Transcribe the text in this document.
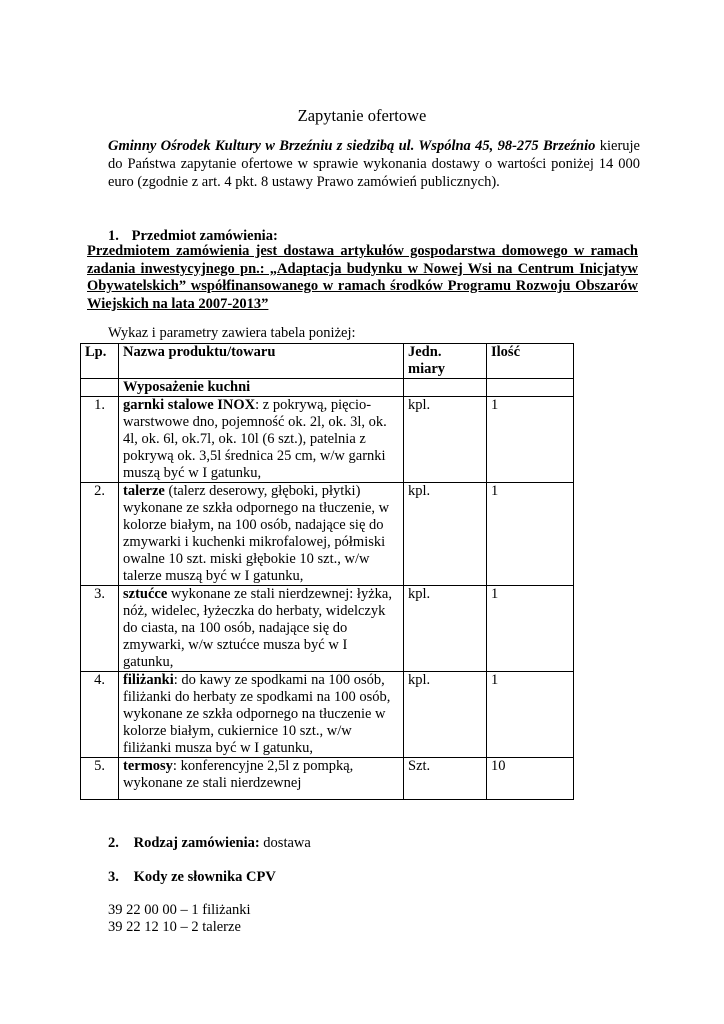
Zapytanie ofertowe
Gminny Ośrodek Kultury w Brzeźniu z siedzibą ul. Wspólna 45, 98-275 Brzeźnio kieruje do Państwa zapytanie ofertowe w sprawie wykonania dostawy o wartości poniżej 14 000 euro (zgodnie z art. 4 pkt. 8 ustawy Prawo zamówień publicznych).
1. Przedmiot zamówienia:
Przedmiotem zamówienia jest dostawa artykułów gospodarstwa domowego w ramach zadania inwestycyjnego pn.: „Adaptacja budynku w Nowej Wsi na Centrum Inicjatyw Obywatelskich” współfinansowanego w ramach środków Programu Rozwoju Obszarów Wiejskich na lata 2007-2013”
Wykaz i parametry zawiera tabela poniżej:
Lp.	Nazwa produktu/towaru	Jedn. miary	Ilość
	Wyposażenie kuchni		
1.	garnki stalowe INOX: z pokrywą, pięcio-warstwowe dno, pojemność ok. 2l, ok. 3l, ok. 4l, ok. 6l, ok.7l, ok. 10l (6 szt.), patelnia z pokrywą ok. 3,5l średnica 25 cm, w/w garnki muszą być w I gatunku,	kpl.	1
2.	talerze (talerz deserowy, głęboki, płytki) wykonane ze szkła odpornego na tłuczenie, w kolorze białym, na 100 osób, nadające się do zmywarki i kuchenki mikrofalowej, półmiski owalne 10 szt. miski głębokie 10 szt., w/w talerze muszą być w I gatunku,	kpl.	1
3.	sztućce wykonane ze stali nierdzewnej: łyżka, nóż, widelec, łyżeczka do herbaty, widelczyk do ciasta, na 100 osób, nadające się do zmywarki, w/w sztućce musza być w I gatunku,	kpl.	1
4.	filiżanki: do kawy ze spodkami na 100 osób, filiżanki do herbaty ze spodkami na 100 osób, wykonane ze szkła odpornego na tłuczenie w kolorze białym, cukiernice 10 szt., w/w filiżanki musza być w I gatunku,	kpl.	1
5.	termosy: konferencyjne 2,5l z pompką, wykonane ze stali nierdzewnej	Szt.	10
2. Rodzaj zamówienia: dostawa
3. Kody ze słownika CPV
39 22 00 00 – 1 filiżanki
39 22 12 10 – 2 talerze
